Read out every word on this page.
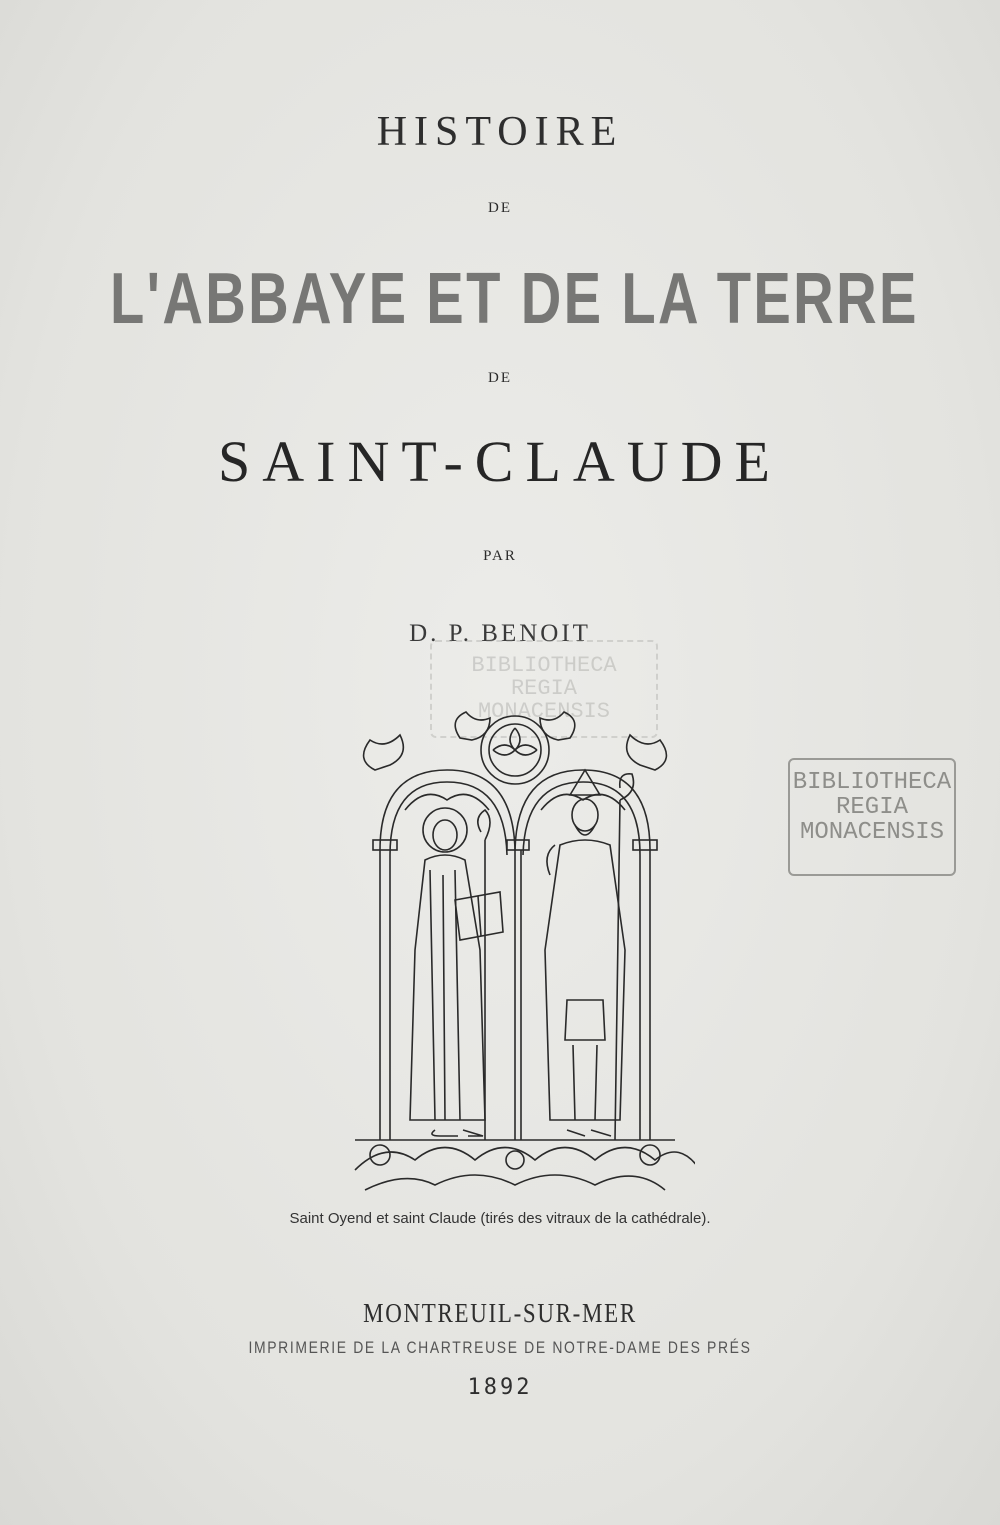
HISTOIRE
DE
L'ABBAYE ET DE LA TERRE
DE
SAINT-CLAUDE
PAR
D. P. BENOIT
BIBLIOTHECA
REGIA
MONACENSIS
BIBLIOTHECA
REGIA
MONACENSIS
Saint Oyend et saint Claude (tirés des vitraux de la cathédrale).
MONTREUIL-SUR-MER
IMPRIMERIE DE LA CHARTREUSE DE NOTRE-DAME DES PRÉS
1892
